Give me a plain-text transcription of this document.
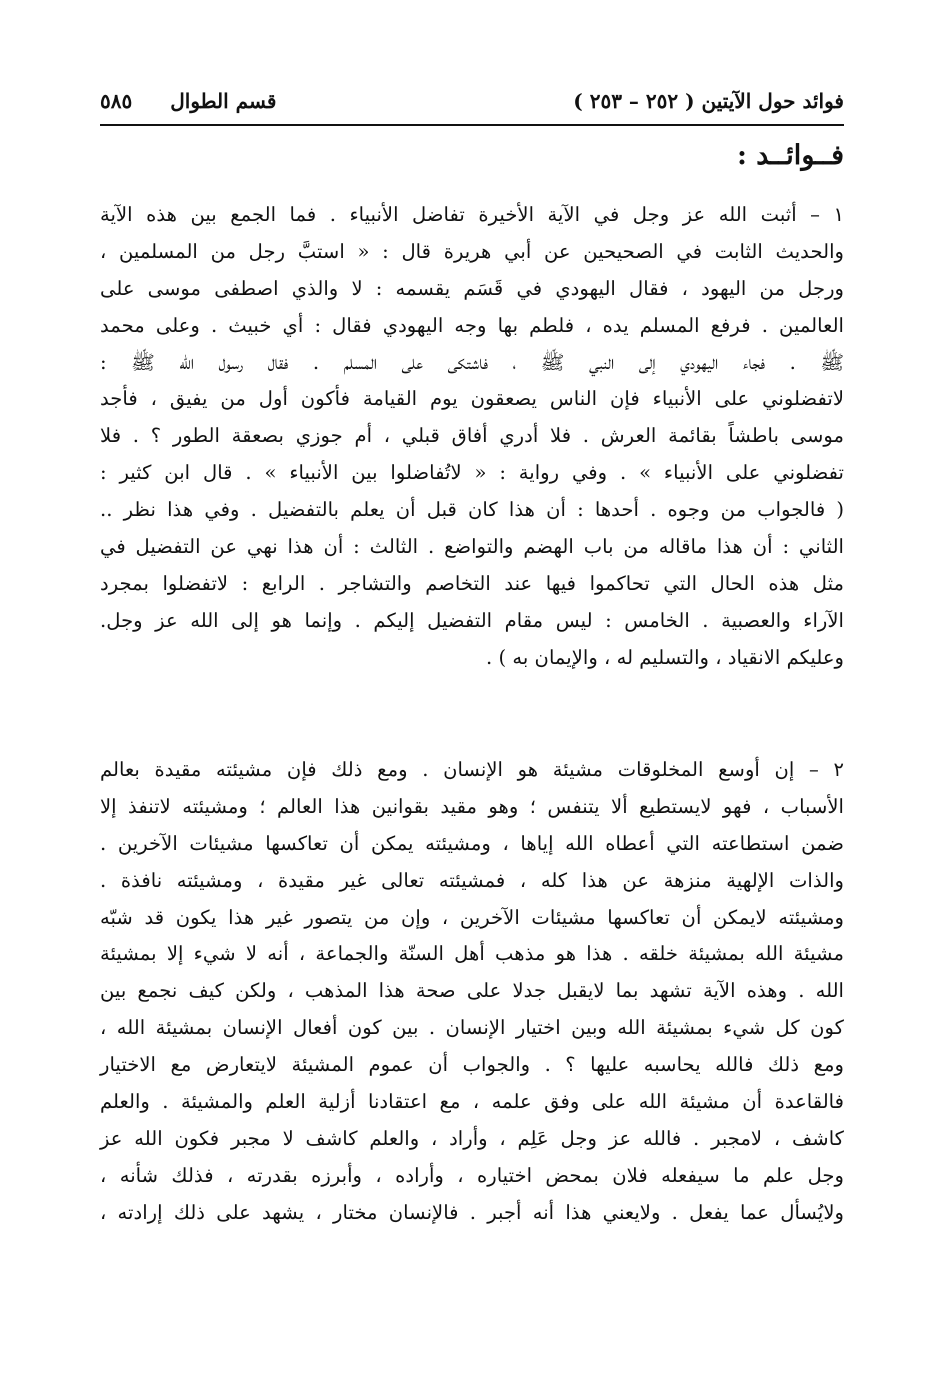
فوائد حول الآيتين ( ٢٥٢ – ٢٥٣ )
قسم الطوال
٥٨٥
فــوائــد :
١ – أثبت الله عز وجل في الآية الأخيرة تفاضل الأنبياء . فما الجمع بين هذه الآية
والحديث الثابت في الصحيحين عن أبي هريرة قال : « استبَّ رجل من المسلمين ،
ورجل من اليهود ، فقال اليهودي في قَسَم يقسمه : لا والذي اصطفى موسى على
العالمين . فرفع المسلم يده ، فلطم بها وجه اليهودي فقال : أي خبيث . وعلى محمد
ﷺ . فجاء اليهودي إلى النبي ﷺ ، فاشتكى على المسلم . فقال رسول الله ﷺ :
لاتفضلوني على الأنبياء فإن الناس يصعقون يوم القيامة فأكون أول من يفيق ، فأجد
موسى باطشاً بقائمة العرش . فلا أدري أفاق قبلي ، أم جوزي بصعقة الطور ؟ . فلا
تفضلوني على الأنبياء » . وفي رواية : « لاتُفاضلوا بين الأنبياء » . قال ابن كثير :
( فالجواب من وجوه . أحدها : أن هذا كان قبل أن يعلم بالتفضيل . وفي هذا نظر ..
الثاني : أن هذا ماقاله من باب الهضم والتواضع . الثالث : أن هذا نهي عن التفضيل في
مثل هذه الحال التي تحاكموا فيها عند التخاصم والتشاجر . الرابع : لاتفضلوا بمجرد
الآراء والعصبية . الخامس : ليس مقام التفضيل إليكم . وإنما هو إلى الله عز وجل.
وعليكم الانقياد ، والتسليم له ، والإيمان به ) .
٢ – إن أوسع المخلوقات مشيئة هو الإنسان . ومع ذلك فإن مشيئته مقيدة بعالم
الأسباب ، فهو لايستطيع ألا يتنفس ؛ وهو مقيد بقوانين هذا العالم ؛ ومشيئته لاتنفذ إلا
ضمن استطاعته التي أعطاه الله إياها ، ومشيئته يمكن أن تعاكسها مشيئات الآخرين .
والذات الإلهية منزهة عن هذا كله ، فمشيئته تعالى غير مقيدة ، ومشيئته نافذة .
ومشيئته لايمكن أن تعاكسها مشيئات الآخرين ، وإن من يتصور غير هذا يكون قد شبّه
مشيئة الله بمشيئة خلقه . هذا هو مذهب أهل السنّة والجماعة ، أنه لا شيء إلا بمشيئة
الله . وهذه الآية تشهد بما لايقبل جدلا على صحة هذا المذهب ، ولكن كيف نجمع بين
كون كل شيء بمشيئة الله وبين اختيار الإنسان . بين كون أفعال الإنسان بمشيئة الله ،
ومع ذلك فالله يحاسبه عليها ؟ . والجواب أن عموم المشيئة لايتعارض مع الاختيار
فالقاعدة أن مشيئة الله على وفق علمه ، مع اعتقادنا أزلية العلم والمشيئة . والعلم
كاشف ، لامجبر . فالله عز وجل عَلِم ، وأراد ، والعلم كاشف لا مجبر فكون الله عز
وجل علم ما سيفعله فلان بمحض اختياره ، وأراده ، وأبرزه بقدرته ، فذلك شأنه ،
ولايُسأل عما يفعل . ولايعني هذا أنه أجبر . فالإنسان مختار ، يشهد على ذلك إرادته ،
